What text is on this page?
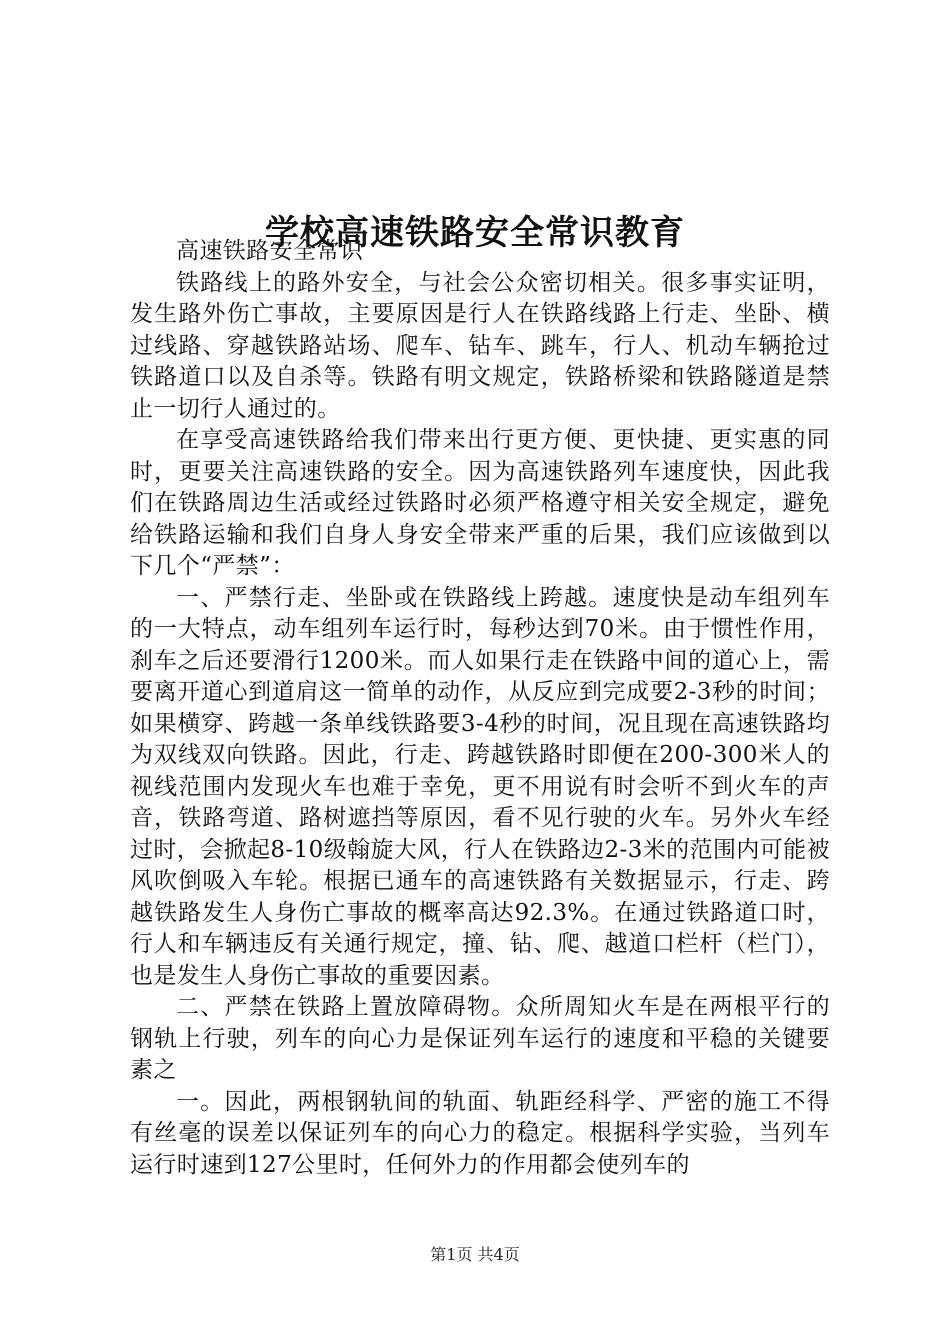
学校高速铁路安全常识教育

高速铁路安全常识

铁路线上的路外安全，与社会公众密切相关。很多事实证明，发生路外伤亡事故，主要原因是行人在铁路线路上行走、坐卧、横过线路、穿越铁路站场、爬车、钻车、跳车，行人、机动车辆抢过铁路道口以及自杀等。铁路有明文规定，铁路桥梁和铁路隧道是禁止一切行人通过的。

在享受高速铁路给我们带来出行更方便、更快捷、更实惠的同时，更要关注高速铁路的安全。因为高速铁路列车速度快，因此我们在铁路周边生活或经过铁路时必须严格遵守相关安全规定，避免给铁路运输和我们自身人身安全带来严重的后果，我们应该做到以下几个“严禁”：

一、严禁行走、坐卧或在铁路线上跨越。速度快是动车组列车的一大特点，动车组列车运行时，每秒达到70米。由于惯性作用，刹车之后还要滑行1200米。而人如果行走在铁路中间的道心上，需要离开道心到道肩这一简单的动作，从反应到完成要2-3秒的时间；如果横穿、跨越一条单线铁路要3-4秒的时间，况且现在高速铁路均为双线双向铁路。因此，行走、跨越铁路时即便在200-300米人的视线范围内发现火车也难于幸免，更不用说有时会听不到火车的声音，铁路弯道、路树遮挡等原因，看不见行驶的火车。另外火车经过时，会掀起8-10级翰旋大风，行人在铁路边2-3米的范围内可能被风吹倒吸入车轮。根据已通车的高速铁路有关数据显示，行走、跨越铁路发生人身伤亡事故的概率高达92.3%。在通过铁路道口时，行人和车辆违反有关通行规定，撞、钻、爬、越道口栏杆（栏门），也是发生人身伤亡事故的重要因素。

二、严禁在铁路上置放障碍物。众所周知火车是在两根平行的钢轨上行驶，列车的向心力是保证列车运行的速度和平稳的关键要素之

一。因此，两根钢轨间的轨面、轨距经科学、严密的施工不得有丝毫的误差以保证列车的向心力的稳定。根据科学实验，当列车运行时速到127公里时，任何外力的作用都会使列车的

第1页 共4页
